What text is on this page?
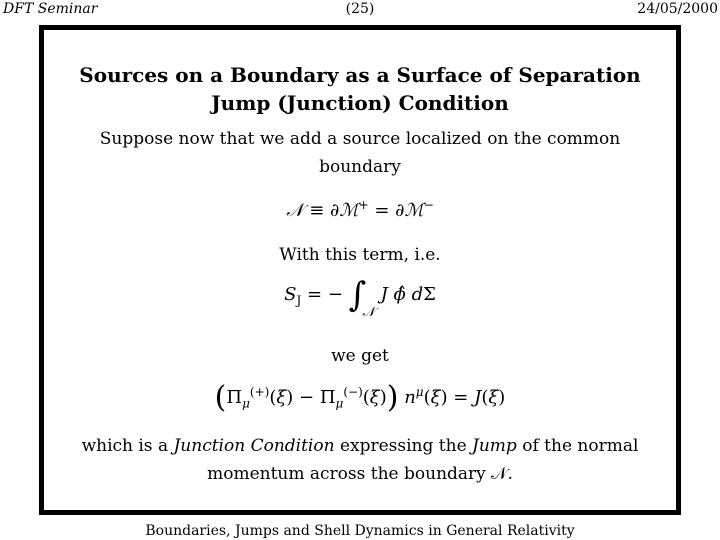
DFT Seminar	(25)	24/05/2000
Sources on a Boundary as a Surface of Separation
Jump (Junction) Condition
Suppose now that we add a source localized on the common
boundary
𝒩 ≡ ∂ℳ+ = ∂ℳ−
With this term, i.e.
$S_J$ = − ∫𝒩 J ϕ̂ dΣ
we get
$(\Pi_\mu^{(+)}(\xi) - \Pi_\mu^{(-)}(\xi)) n^\mu(\xi) = J(\xi)$
which is a Junction Condition expressing the Jump of the normal
momentum across the boundary 𝒩.
Boundaries, Jumps and Shell Dynamics in General Relativity
